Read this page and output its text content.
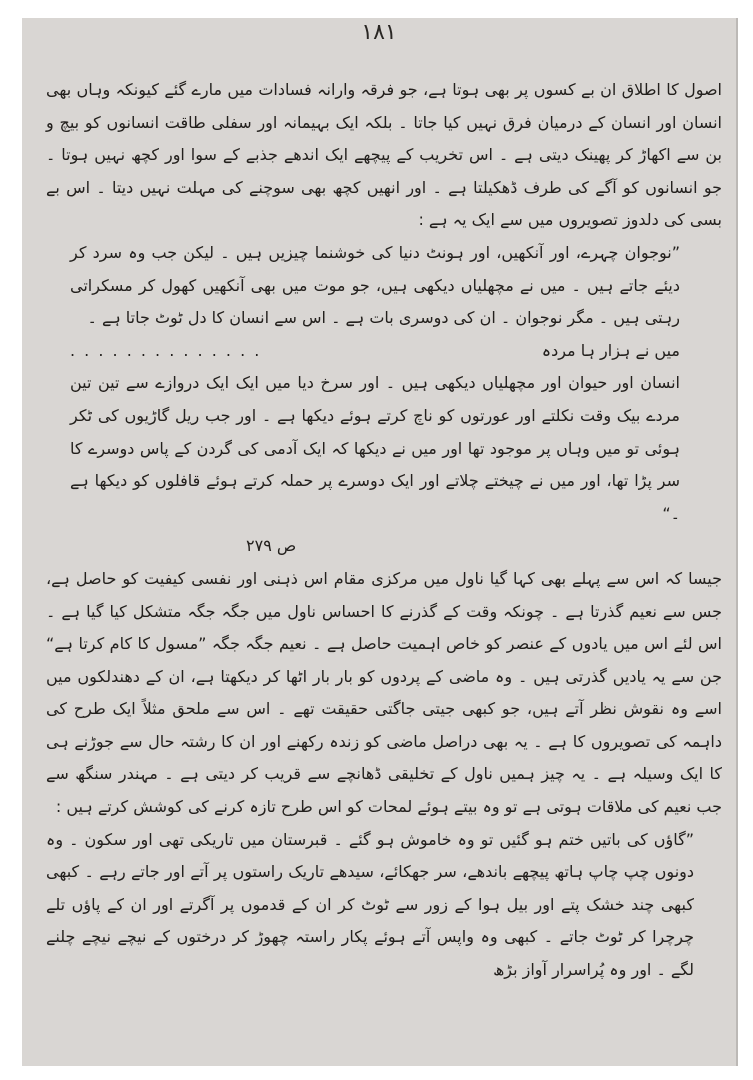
۱۸۱

اصول کا اطلاق ان بے کسوں پر بھی ہوتا ہے، جو فرقہ وارانہ فسادات میں مارے گئے کیونکہ وہاں بھی انسان اور انسان کے درمیان فرق نہیں کیا جاتا ۔ بلکہ ایک بہیمانہ اور سفلی طاقت انسانوں کو بیچ و بن سے اکھاڑ کر پھینک دیتی ہے ۔ اس تخریب کے پیچھے ایک اندھے جذبے کے سوا اور کچھ نہیں ہوتا ۔ جو انسانوں کو آگے کی طرف ڈھکیلتا ہے ۔ اور انھیں کچھ بھی سوچنے کی مہلت نہیں دیتا ۔ اس بے بسی کی دلدوز تصویروں میں سے ایک یہ ہے :

”نوجوان چہرے، اور آنکھیں، اور ہونٹ دنیا کی خوشنما چیزیں ہیں ۔ لیکن جب وہ سرد کر دیئے جاتے ہیں ۔ میں نے مچھلیاں دیکھی ہیں، جو موت میں بھی آنکھیں کھول کر مسکراتی رہتی ہیں ۔ مگر نوجوان ۔ ان کی دوسری بات ہے ۔ اس سے انسان کا دل ٹوٹ جاتا ہے ۔

میں نے ہزار ہا مردہ
. . . . . . . . . . . . . .

انسان اور حیوان اور مچھلیاں دیکھی ہیں ۔ اور سرخ دیا میں ایک ایک دروازے سے تین تین مردے بیک وقت نکلتے اور عورتوں کو ناچ کرتے ہوئے دیکھا ہے ۔ اور جب ریل گاڑیوں کی ٹکر ہوئی تو میں وہاں پر موجود تھا اور میں نے دیکھا کہ ایک آدمی کی گردن کے پاس دوسرے کا سر پڑا تھا، اور میں نے چیختے چلاتے اور ایک دوسرے پر حملہ کرتے ہوئے قافلوں کو دیکھا ہے ۔“

ص ۲۷۹

جیسا کہ اس سے پہلے بھی کہا گیا ناول میں مرکزی مقام اس ذہنی اور نفسی کیفیت کو حاصل ہے، جس سے نعیم گذرتا ہے ۔ چونکہ وقت کے گذرنے کا احساس ناول میں جگہ جگہ متشکل کیا گیا ہے ۔ اس لئے اس میں یادوں کے عنصر کو خاص اہمیت حاصل ہے ۔ نعیم جگہ جگہ ”مسول کا کام کرتا ہے“ جن سے یہ یادیں گذرتی ہیں ۔ وہ ماضی کے پردوں کو بار بار اٹھا کر دیکھتا ہے، ان کے دھندلکوں میں اسے وہ نقوش نظر آتے ہیں، جو کبھی جیتی جاگتی حقیقت تھے ۔ اس سے ملحق مثلاً ایک طرح کی داہمہ کی تصویروں کا ہے ۔ یہ بھی دراصل ماضی کو زندہ رکھنے اور ان کا رشتہ حال سے جوڑنے ہی کا ایک وسیلہ ہے ۔ یہ چیز ہمیں ناول کے تخلیقی ڈھانچے سے قریب کر دیتی ہے ۔ مہندر سنگھ سے جب نعیم کی ملاقات ہوتی ہے تو وہ بیتے ہوئے لمحات کو اس طرح تازہ کرنے کی کوشش کرتے ہیں :

”گاؤں کی باتیں ختم ہو گئیں تو وہ خاموش ہو گئے ۔ قبرستان میں تاریکی تھی اور سکون ۔ وہ دونوں چپ چاپ ہاتھ پیچھے باندھے، سر جھکائے، سیدھے تاریک راستوں پر آتے اور جاتے رہے ۔ کبھی کبھی چند خشک پتے اور بیل ہوا کے زور سے ٹوٹ کر ان کے قدموں پر آگرتے اور ان کے پاؤں تلے چرچرا کر ٹوٹ جاتے ۔ کبھی وہ واپس آتے ہوئے پکار راستہ چھوڑ کر درختوں کے نیچے نیچے چلنے لگے ۔ اور وہ پُراسرار آواز بڑھ
